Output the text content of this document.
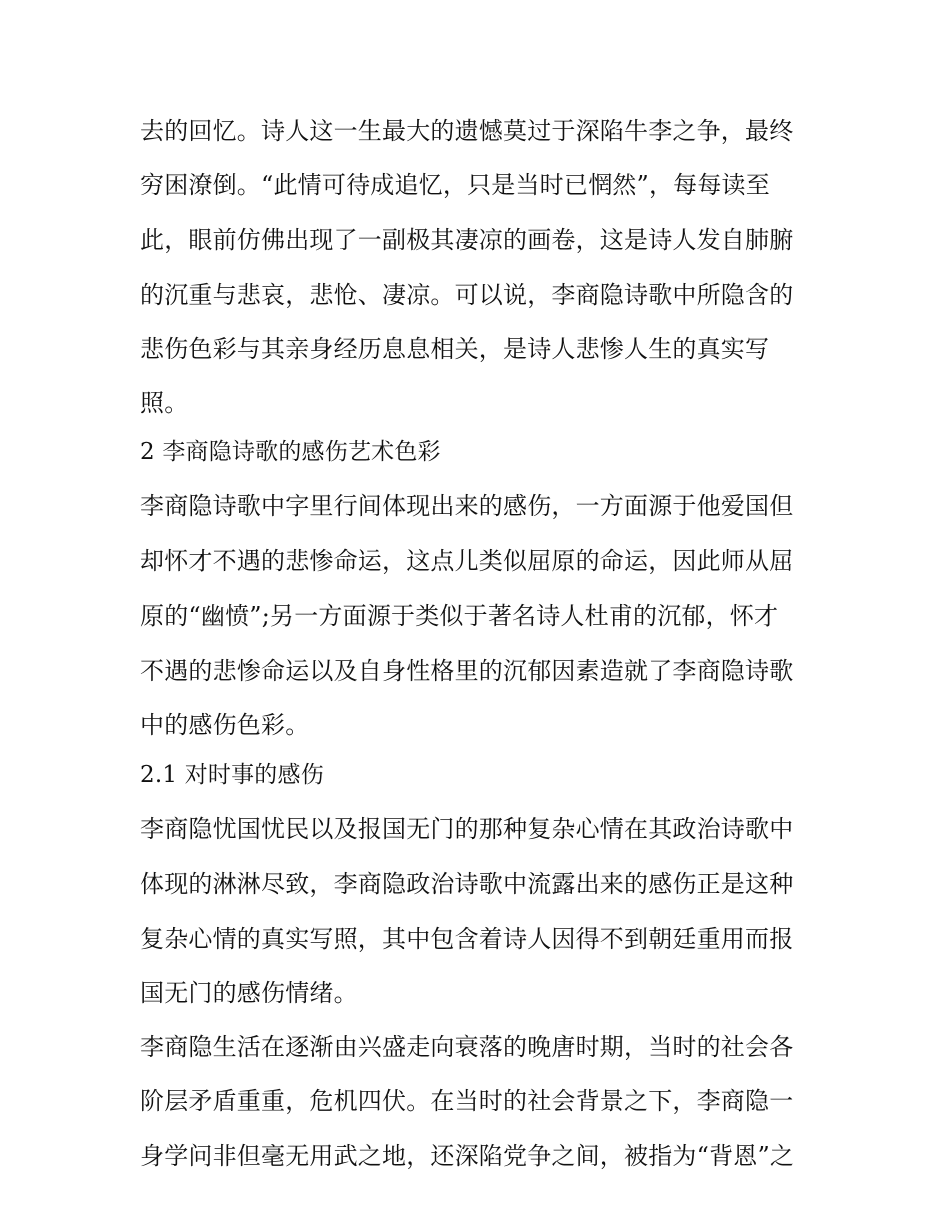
去的回忆。诗人这一生最大的遗憾莫过于深陷牛李之争，最终
穷困潦倒。“此情可待成追忆，只是当时已惘然”，每每读至
此，眼前仿佛出现了一副极其凄凉的画卷，这是诗人发自肺腑
的沉重与悲哀，悲怆、凄凉。可以说，李商隐诗歌中所隐含的
悲伤色彩与其亲身经历息息相关，是诗人悲惨人生的真实写
照。
2 李商隐诗歌的感伤艺术色彩
李商隐诗歌中字里行间体现出来的感伤，一方面源于他爱国但
却怀才不遇的悲惨命运，这点儿类似屈原的命运，因此师从屈
原的“幽愤”;另一方面源于类似于著名诗人杜甫的沉郁，怀才
不遇的悲惨命运以及自身性格里的沉郁因素造就了李商隐诗歌
中的感伤色彩。
2.1 对时事的感伤
李商隐忧国忧民以及报国无门的那种复杂心情在其政治诗歌中
体现的淋淋尽致，李商隐政治诗歌中流露出来的感伤正是这种
复杂心情的真实写照，其中包含着诗人因得不到朝廷重用而报
国无门的感伤情绪。
李商隐生活在逐渐由兴盛走向衰落的晚唐时期，当时的社会各
阶层矛盾重重，危机四伏。在当时的社会背景之下，李商隐一
身学问非但毫无用武之地，还深陷党争之间，被指为“背恩”之
